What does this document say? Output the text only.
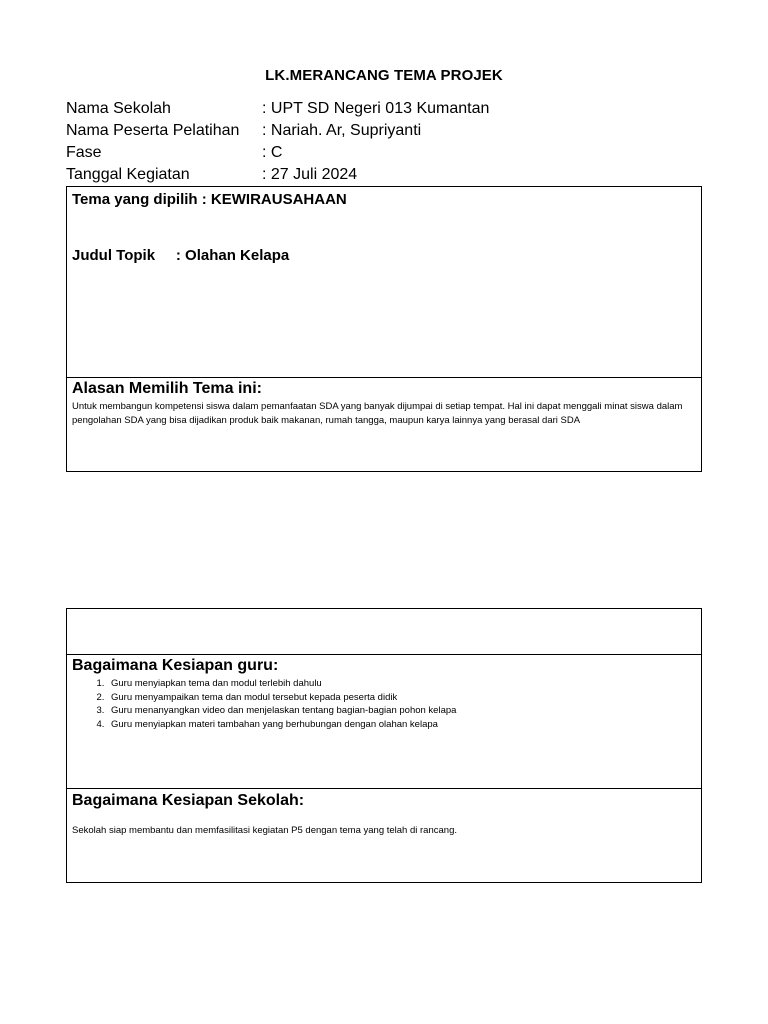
LK.MERANCANG TEMA PROJEK
Nama Sekolah	: UPT SD Negeri 013 Kumantan
Nama Peserta Pelatihan : Nariah. Ar, Supriyanti
Fase	: C
Tanggal Kegiatan	: 27 Juli 2024
Tema yang dipilih : KEWIRAUSAHAAN
Judul Topik     : Olahan Kelapa
Alasan Memilih Tema ini:
Untuk membangun kompetensi siswa dalam pemanfaatan SDA yang banyak dijumpai di setiap tempat. Hal ini dapat menggali minat siswa dalam pengolahan SDA yang bisa dijadikan produk baik makanan, rumah tangga, maupun karya lainnya yang berasal dari SDA
Bagaimana Kesiapan guru:
1. Guru menyiapkan tema dan modul terlebih dahulu
2. Guru menyampaikan tema dan modul tersebut kepada peserta didik
3. Guru menanyangkan video dan menjelaskan tentang bagian-bagian pohon kelapa
4. Guru menyiapkan materi tambahan yang berhubungan dengan olahan kelapa
Bagaimana Kesiapan Sekolah:
Sekolah siap membantu dan memfasilitasi kegiatan P5 dengan tema yang telah di rancang.
